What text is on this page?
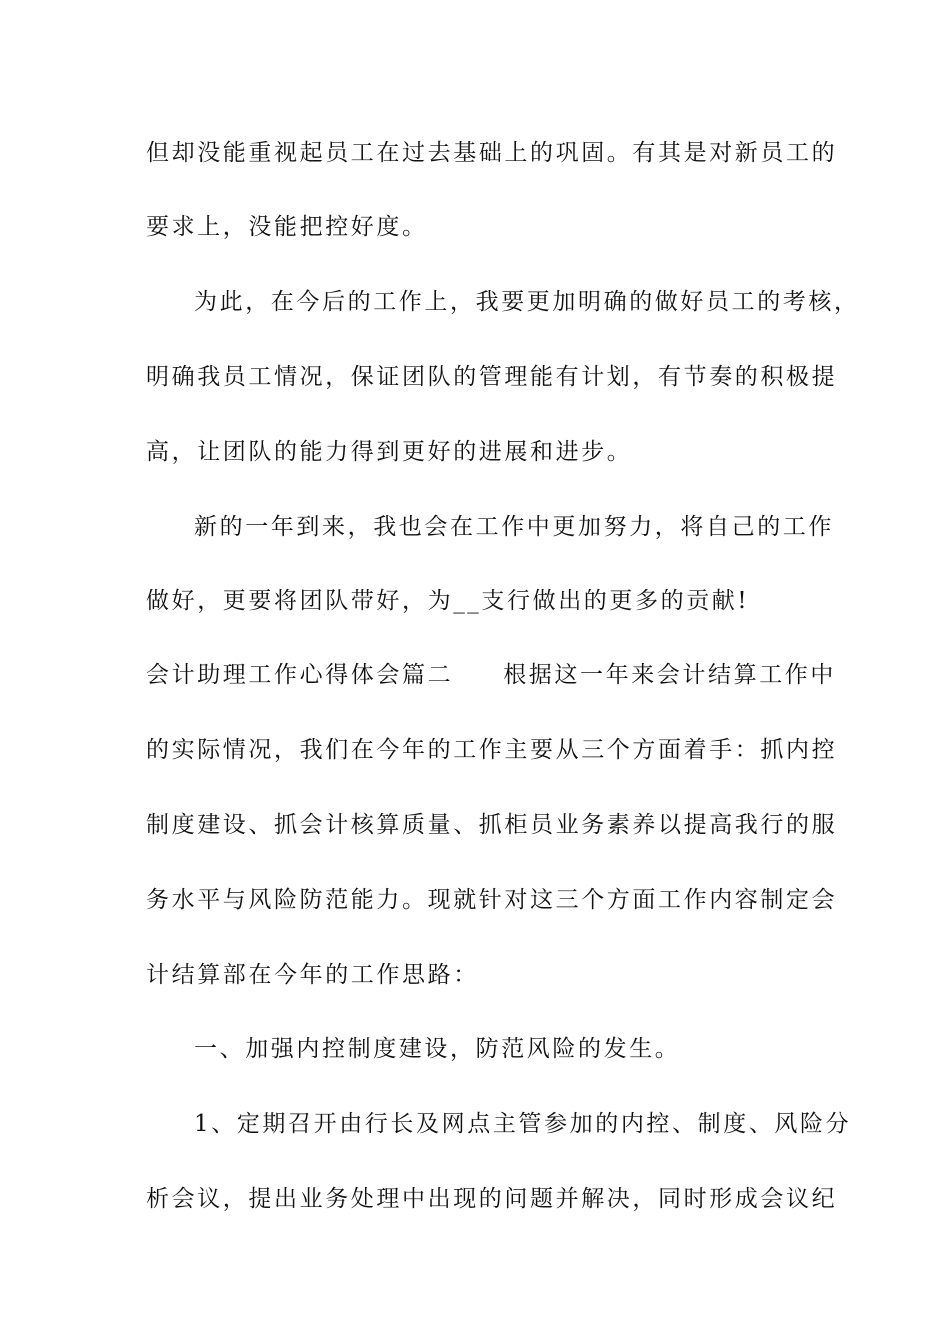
但却没能重视起员工在过去基础上的巩固。有其是对新员工的
要求上，没能把控好度。
为此，在今后的工作上，我要更加明确的做好员工的考核，
明确我员工情况，保证团队的管理能有计划，有节奏的积极提
高，让团队的能力得到更好的进展和进步。
新的一年到来，我也会在工作中更加努力，将自己的工作
做好，更要将团队带好，为__支行做出的更多的贡献!
会计助理工作心得体会篇二 根据这一年来会计结算工作中
的实际情况，我们在今年的工作主要从三个方面着手：抓内控
制度建设、抓会计核算质量、抓柜员业务素养以提高我行的服
务水平与风险防范能力。现就针对这三个方面工作内容制定会
计结算部在今年的工作思路：
一、加强内控制度建设，防范风险的发生。
1、定期召开由行长及网点主管参加的内控、制度、风险分
析会议，提出业务处理中出现的问题并解决，同时形成会议纪
